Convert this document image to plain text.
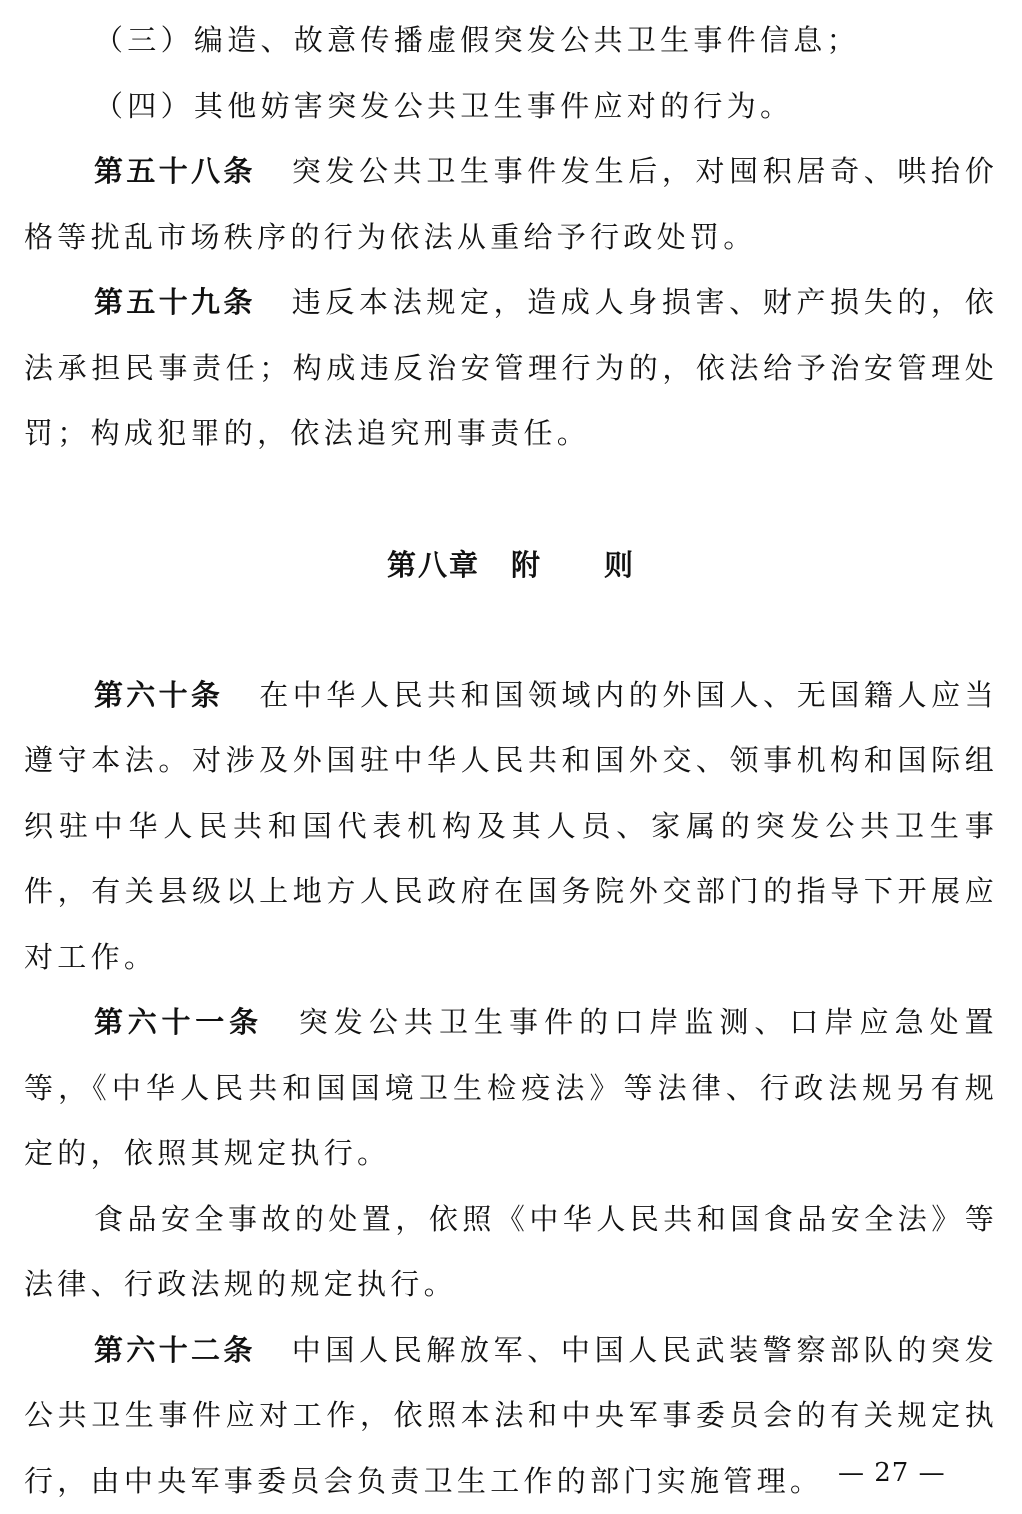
（三）编造、故意传播虚假突发公共卫生事件信息；

（四）其他妨害突发公共卫生事件应对的行为。

第五十八条 突发公共卫生事件发生后，对囤积居奇、哄抬价格等扰乱市场秩序的行为依法从重给予行政处罚。

第五十九条 违反本法规定，造成人身损害、财产损失的，依法承担民事责任；构成违反治安管理行为的，依法给予治安管理处罚；构成犯罪的，依法追究刑事责任。

第八章　附　　则

第六十条 在中华人民共和国领域内的外国人、无国籍人应当遵守本法。对涉及外国驻中华人民共和国外交、领事机构和国际组织驻中华人民共和国代表机构及其人员、家属的突发公共卫生事件，有关县级以上地方人民政府在国务院外交部门的指导下开展应对工作。

第六十一条 突发公共卫生事件的口岸监测、口岸应急处置等，《中华人民共和国国境卫生检疫法》等法律、行政法规另有规定的，依照其规定执行。

食品安全事故的处置，依照《中华人民共和国食品安全法》等法律、行政法规的规定执行。

第六十二条 中国人民解放军、中国人民武装警察部队的突发公共卫生事件应对工作，依照本法和中央军事委员会的有关规定执行，由中央军事委员会负责卫生工作的部门实施管理。 — 27 —
